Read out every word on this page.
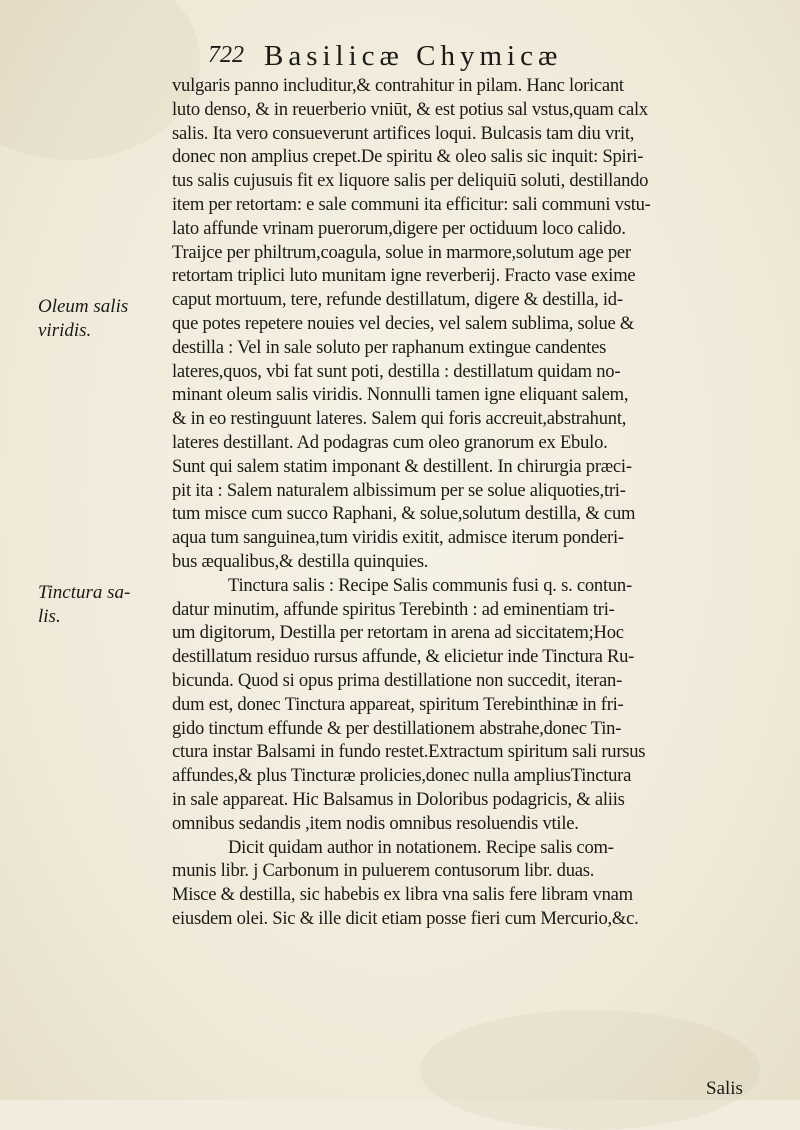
722 Basilicæ Chymicæ
Oleum salis
viridis.
Tinctura sa-
lis.
vulgaris panno includitur,& contrahitur in pilam. Hanc loricant
luto denso, & in reuerberio vniūt, & est potius sal vstus,quam calx
salis. Ita vero consueverunt artifices loqui. Bulcasis tam diu vrit,
donec non amplius crepet.De spiritu & oleo salis sic inquit: Spiri-
tus salis cujusuis fit ex liquore salis per deliquiū soluti, destillando
item per retortam: e sale communi ita efficitur: sali communi vstu-
lato affunde vrinam puerorum,digere per octiduum loco calido.
Traijce per philtrum,coagula, solue in marmore,solutum age per
retortam triplici luto munitam igne reverberij. Fracto vase exime
caput mortuum, tere, refunde destillatum, digere & destilla, id-
que potes repetere nouies vel decies, vel salem sublima, solue &
destilla : Vel in sale soluto per raphanum extingue candentes
lateres,quos, vbi fat sunt poti, destilla : destillatum quidam no-
minant oleum salis viridis. Nonnulli tamen igne eliquant salem,
& in eo restinguunt lateres. Salem qui foris accreuit,abstrahunt,
lateres destillant. Ad podagras cum oleo granorum ex Ebulo.
Sunt qui salem statim imponant & destillent. In chirurgia præci-
pit ita : Salem naturalem albissimum per se solue aliquoties,tri-
tum misce cum succo Raphani, & solue,solutum destilla, & cum
aqua tum sanguinea,tum viridis exitit, admisce iterum ponderi-
bus æqualibus,& destilla quinquies.
Tinctura salis : Recipe Salis communis fusi q. s. contun-
datur minutim, affunde spiritus Terebinth : ad eminentiam tri-
um digitorum, Destilla per retortam in arena ad siccitatem;Hoc
destillatum residuo rursus affunde, & elicietur inde Tinctura Ru-
bicunda. Quod si opus prima destillatione non succedit, iteran-
dum est, donec Tinctura appareat, spiritum Terebinthinæ in fri-
gido tinctum effunde & per destillationem abstrahe,donec Tin-
ctura instar Balsami in fundo restet.Extractum spiritum sali rursus
affundes,& plus Tincturæ prolicies,donec nulla ampliusTinctura
in sale appareat. Hic Balsamus in Doloribus podagricis, & aliis
omnibus sedandis ,item nodis omnibus resoluendis vtile.
Dicit quidam author in notationem. Recipe salis com-
munis libr. j Carbonum in puluerem contusorum libr. duas.
Misce & destilla, sic habebis ex libra vna salis fere libram vnam
eiusdem olei. Sic & ille dicit etiam posse fieri cum Mercurio,&c.
Salis
